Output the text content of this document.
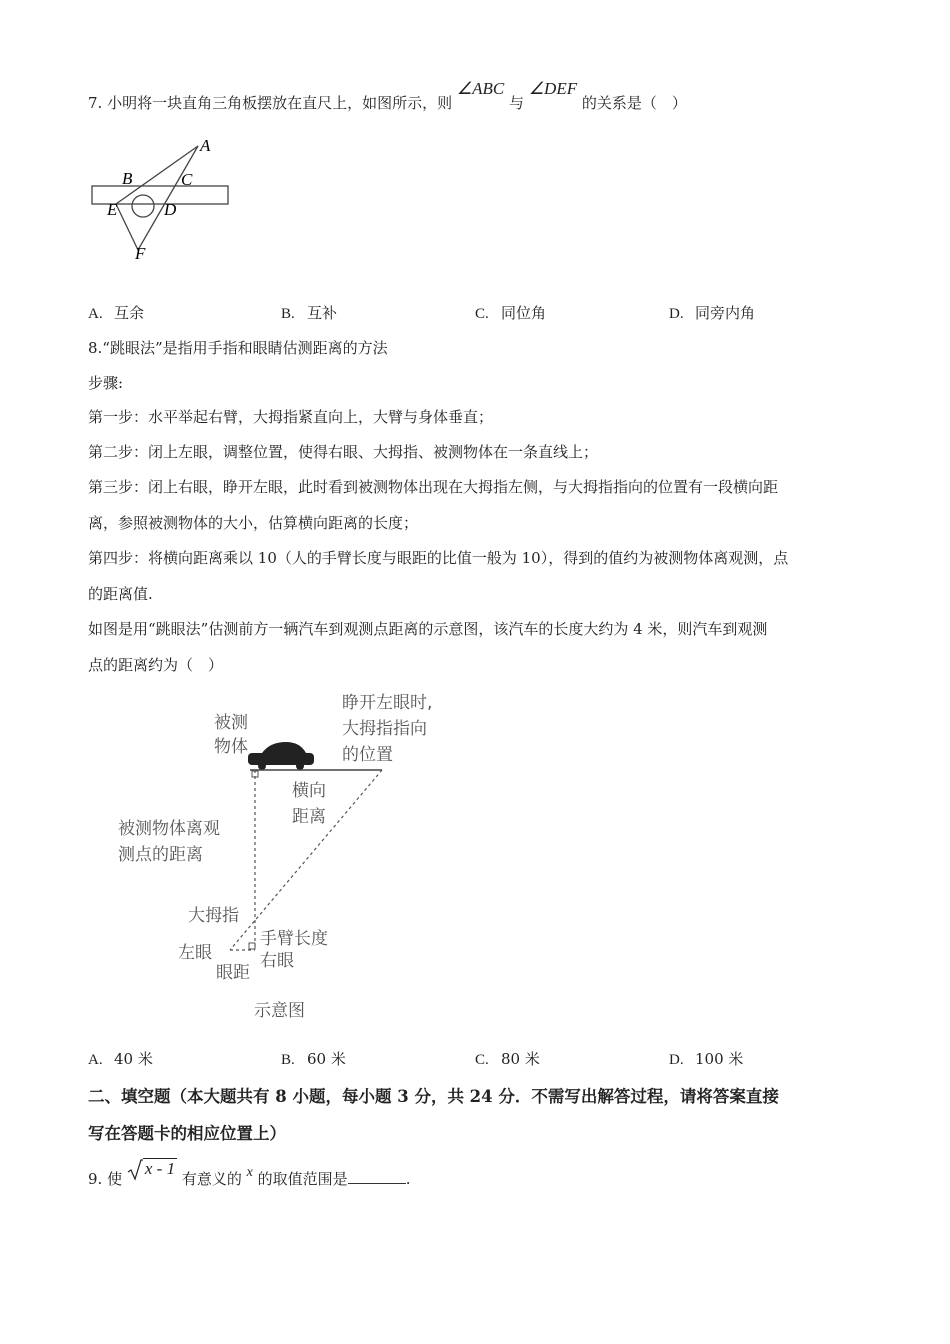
7. 小明将一块直角三角板摆放在直尺上，如图所示，则 ∠ABC 与 ∠DEF 的关系是（　）
A
B	C
D
E
F
A. 互余	B. 互补	C. 同位角	D. 同旁内角
8.“跳眼法”是指用手指和眼睛估测距离的方法
步骤:
第一步：水平举起右臂，大拇指紧直向上，大臂与身体垂直；
第二步：闭上左眼，调整位置，使得右眼、大拇指、被测物体在一条直线上；
第三步：闭上右眼，睁开左眼，此时看到被测物体出现在大拇指左侧，与大拇指指向的位置有一段横向距
离，参照被测物体的大小，估算横向距离的长度；
第四步：将横向距离乘以 10（人的手臂长度与眼距的比值一般为 10），得到的值约为被测物体离观测，点
的距离值.
如图是用“跳眼法”估测前方一辆汽车到观测点距离的示意图，该汽车的长度大约为 4 米，则汽车到观测
点的距离约为（　）
被测
物体
睁开左眼时,
大拇指指向
的位置
横向
距离
被测物体离观
测点的距离
大拇指
手臂长度
左眼	右眼
眼距
示意图
A. 40 米	B. 60 米	C. 80 米	D. 100 米
二、填空题（本大题共有 8 小题，每小题 3 分，共 24 分．不需写出解答过程，请将答案直接
写在答题卡的相应位置上）
9. 使 x - 1 有意义的 x 的取值范围是	.
